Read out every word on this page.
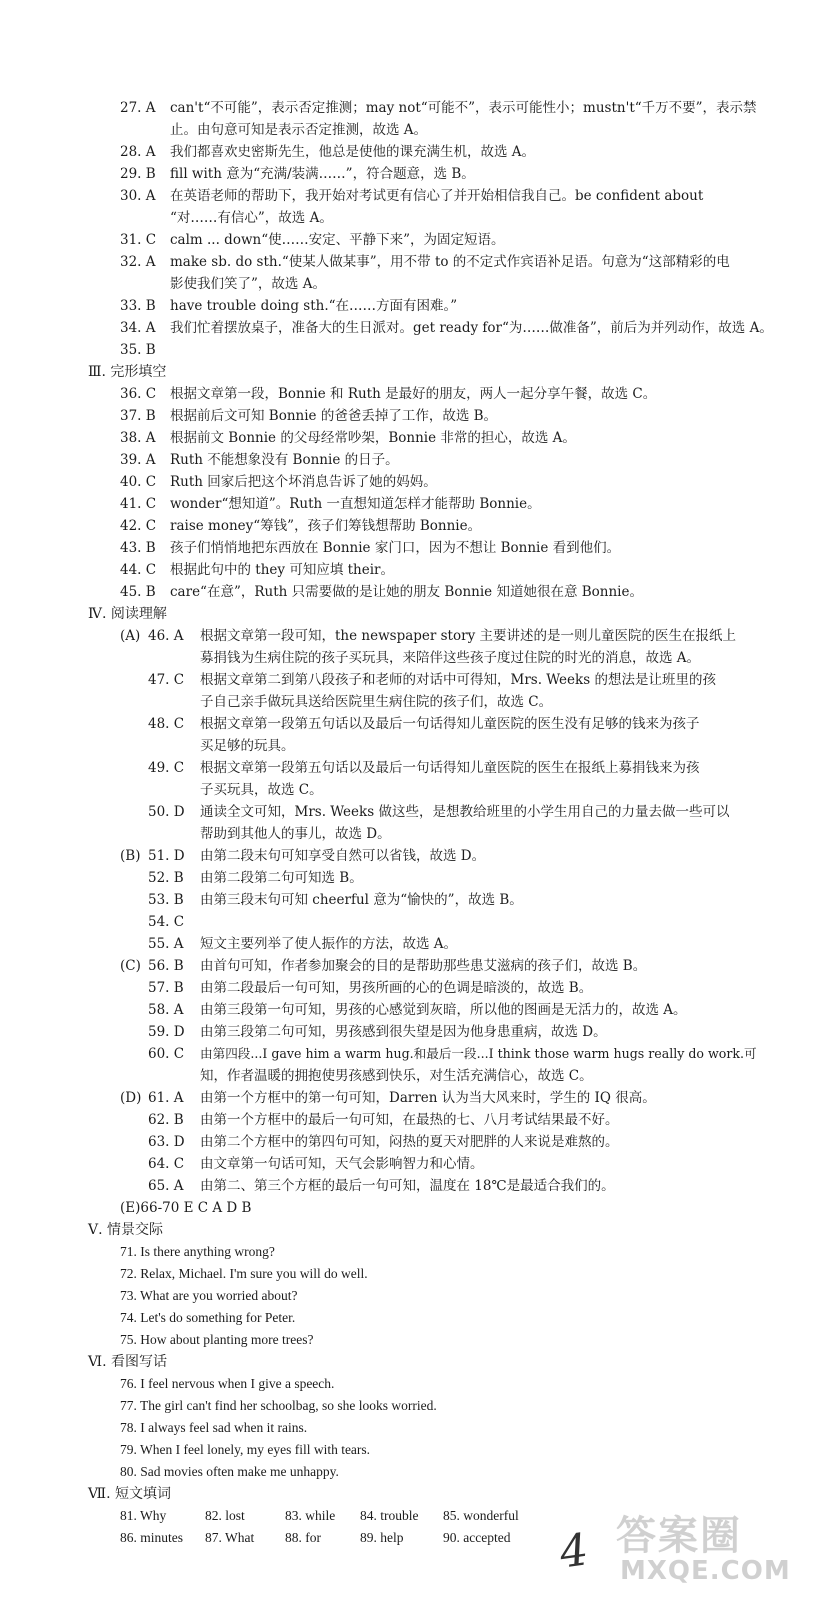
27. A can't“不可能”，表示否定推测；may not“可能不”，表示可能性小；mustn't“千万不要”，表示禁
止。由句意可知是表示否定推测，故选 A。
28. A 我们都喜欢史密斯先生，他总是使他的课充满生机，故选 A。
29. B fill with 意为“充满/装满……”，符合题意，选 B。
30. A 在英语老师的帮助下，我开始对考试更有信心了并开始相信我自己。be confident about
“对……有信心”，故选 A。
31. C calm ... down“使……安定、平静下来”，为固定短语。
32. A make sb. do sth.“使某人做某事”，用不带 to 的不定式作宾语补足语。句意为“这部精彩的电
影使我们笑了”，故选 A。
33. B have trouble doing sth.“在……方面有困难。”
34. A 我们忙着摆放桌子，准备大的生日派对。get ready for“为……做准备”，前后为并列动作，故选 A。
35. B
Ⅲ. 完形填空
36. C 根据文章第一段，Bonnie 和 Ruth 是最好的朋友，两人一起分享午餐，故选 C。
37. B 根据前后文可知 Bonnie 的爸爸丢掉了工作，故选 B。
38. A 根据前文 Bonnie 的父母经常吵架，Bonnie 非常的担心，故选 A。
39. A Ruth 不能想象没有 Bonnie 的日子。
40. C Ruth 回家后把这个坏消息告诉了她的妈妈。
41. C wonder“想知道”。Ruth 一直想知道怎样才能帮助 Bonnie。
42. C raise money“筹钱”，孩子们筹钱想帮助 Bonnie。
43. B 孩子们悄悄地把东西放在 Bonnie 家门口，因为不想让 Bonnie 看到他们。
44. C 根据此句中的 they 可知应填 their。
45. B care“在意”，Ruth 只需要做的是让她的朋友 Bonnie 知道她很在意 Bonnie。
Ⅳ. 阅读理解
(A) 46. A 根据文章第一段可知，the newspaper story 主要讲述的是一则儿童医院的医生在报纸上
募捐钱为生病住院的孩子买玩具，来陪伴这些孩子度过住院的时光的消息，故选 A。
47. C 根据文章第二到第八段孩子和老师的对话中可得知，Mrs. Weeks 的想法是让班里的孩
子自己亲手做玩具送给医院里生病住院的孩子们，故选 C。
48. C 根据文章第一段第五句话以及最后一句话得知儿童医院的医生没有足够的钱来为孩子
买足够的玩具。
49. C 根据文章第一段第五句话以及最后一句话得知儿童医院的医生在报纸上募捐钱来为孩
子买玩具，故选 C。
50. D 通读全文可知，Mrs. Weeks 做这些，是想教给班里的小学生用自己的力量去做一些可以
帮助到其他人的事儿，故选 D。
(B) 51. D 由第二段末句可知享受自然可以省钱，故选 D。
52. B 由第二段第二句可知选 B。
53. B 由第三段末句可知 cheerful 意为“愉快的”，故选 B。
54. C
55. A 短文主要列举了使人振作的方法，故选 A。
(C) 56. B 由首句可知，作者参加聚会的目的是帮助那些患艾滋病的孩子们，故选 B。
57. B 由第二段最后一句可知，男孩所画的心的色调是暗淡的，故选 B。
58. A 由第三段第一句可知，男孩的心感觉到灰暗，所以他的图画是无活力的，故选 A。
59. D 由第三段第二句可知，男孩感到很失望是因为他身患重病，故选 D。
60. C 由第四段...I gave him a warm hug.和最后一段...I think those warm hugs really do work.可
知，作者温暖的拥抱使男孩感到快乐，对生活充满信心，故选 C。
(D) 61. A 由第一个方框中的第一句可知，Darren 认为当大风来时，学生的 IQ 很高。
62. B 由第一个方框中的最后一句可知，在最热的七、八月考试结果最不好。
63. D 由第二个方框中的第四句可知，闷热的夏天对肥胖的人来说是难熬的。
64. C 由文章第一句话可知，天气会影响智力和心情。
65. A 由第二、第三个方框的最后一句可知，温度在 18℃是最适合我们的。
(E)66-70 E C A D B
Ⅴ. 情景交际
71. Is there anything wrong?
72. Relax, Michael. I'm sure you will do well.
73. What are you worried about?
74. Let's do something for Peter.
75. How about planting more trees?
Ⅵ. 看图写话
76. I feel nervous when I give a speech.
77. The girl can't find her schoolbag, so she looks worried.
78. I always feel sad when it rains.
79. When I feel lonely, my eyes fill with tears.
80. Sad movies often make me unhappy.
Ⅶ. 短文填词
81. Why	82. lost	83. while 84. trouble 85. wonderful
86. minutes 87. What 88. for	89. help	90. accepted 4 答案圈
MXQE.COM
